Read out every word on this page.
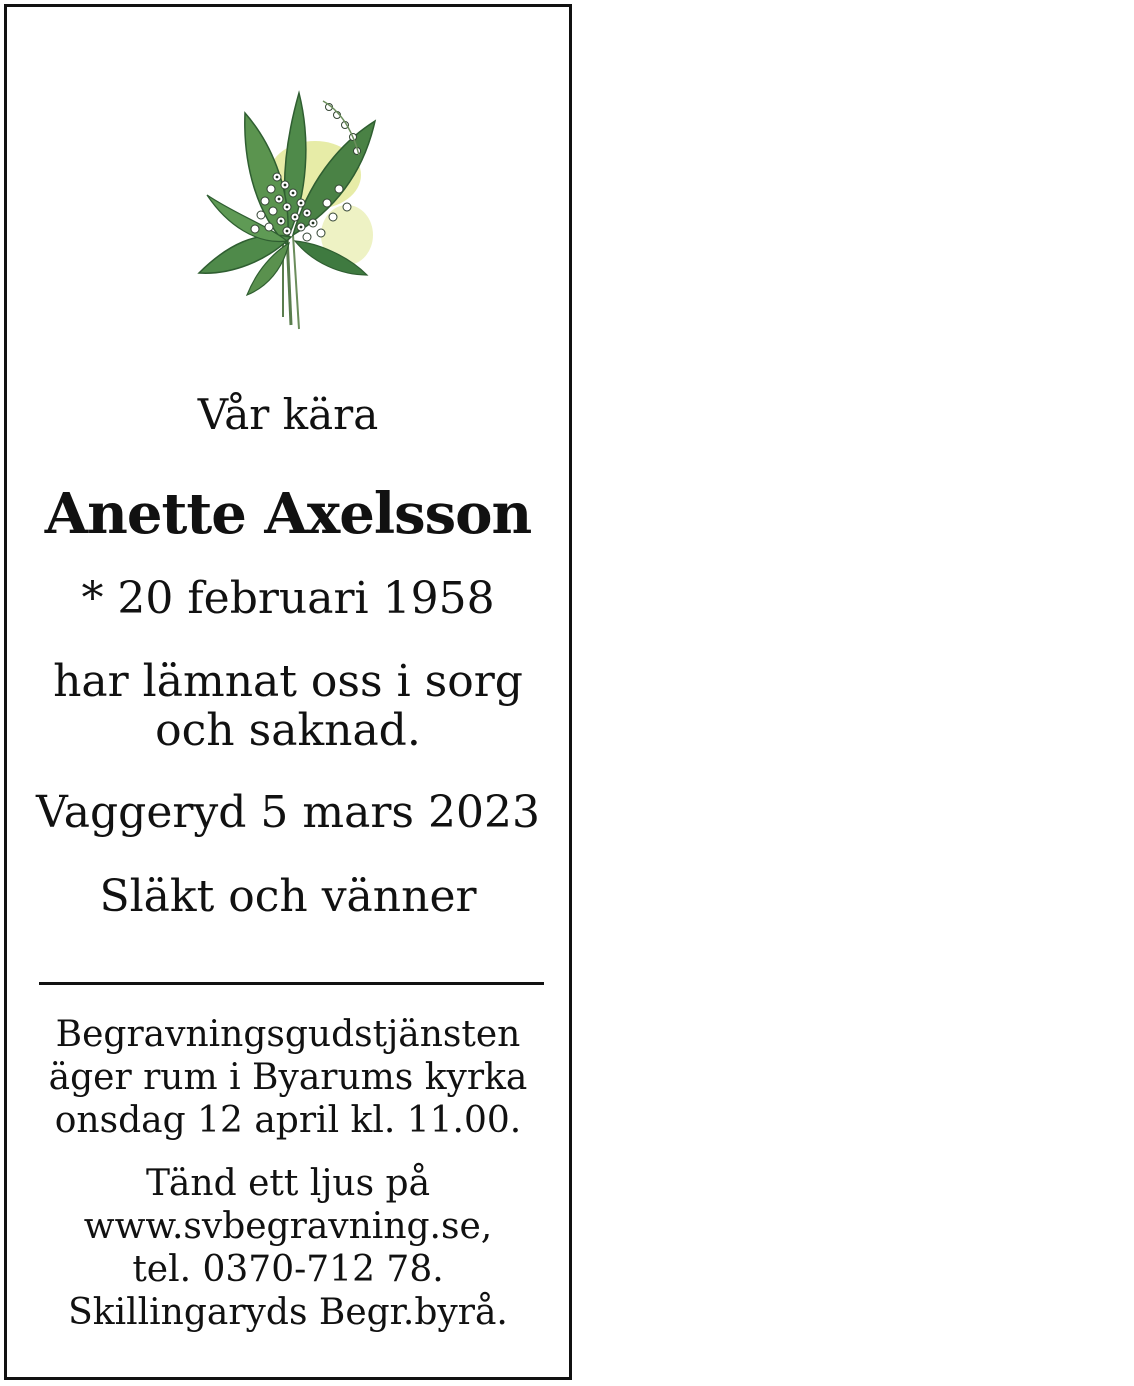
Vår kära
Anette Axelsson
* 20 februari 1958
har lämnat oss i sorg
och saknad.
Vaggeryd 5 mars 2023
Släkt och vänner
Begravningsgudstjänsten
äger rum i Byarums kyrka
onsdag 12 april kl. 11.00.
Tänd ett ljus på
www.svbegravning.se,
tel. 0370-712 78.
Skillingaryds Begr.byrå.
